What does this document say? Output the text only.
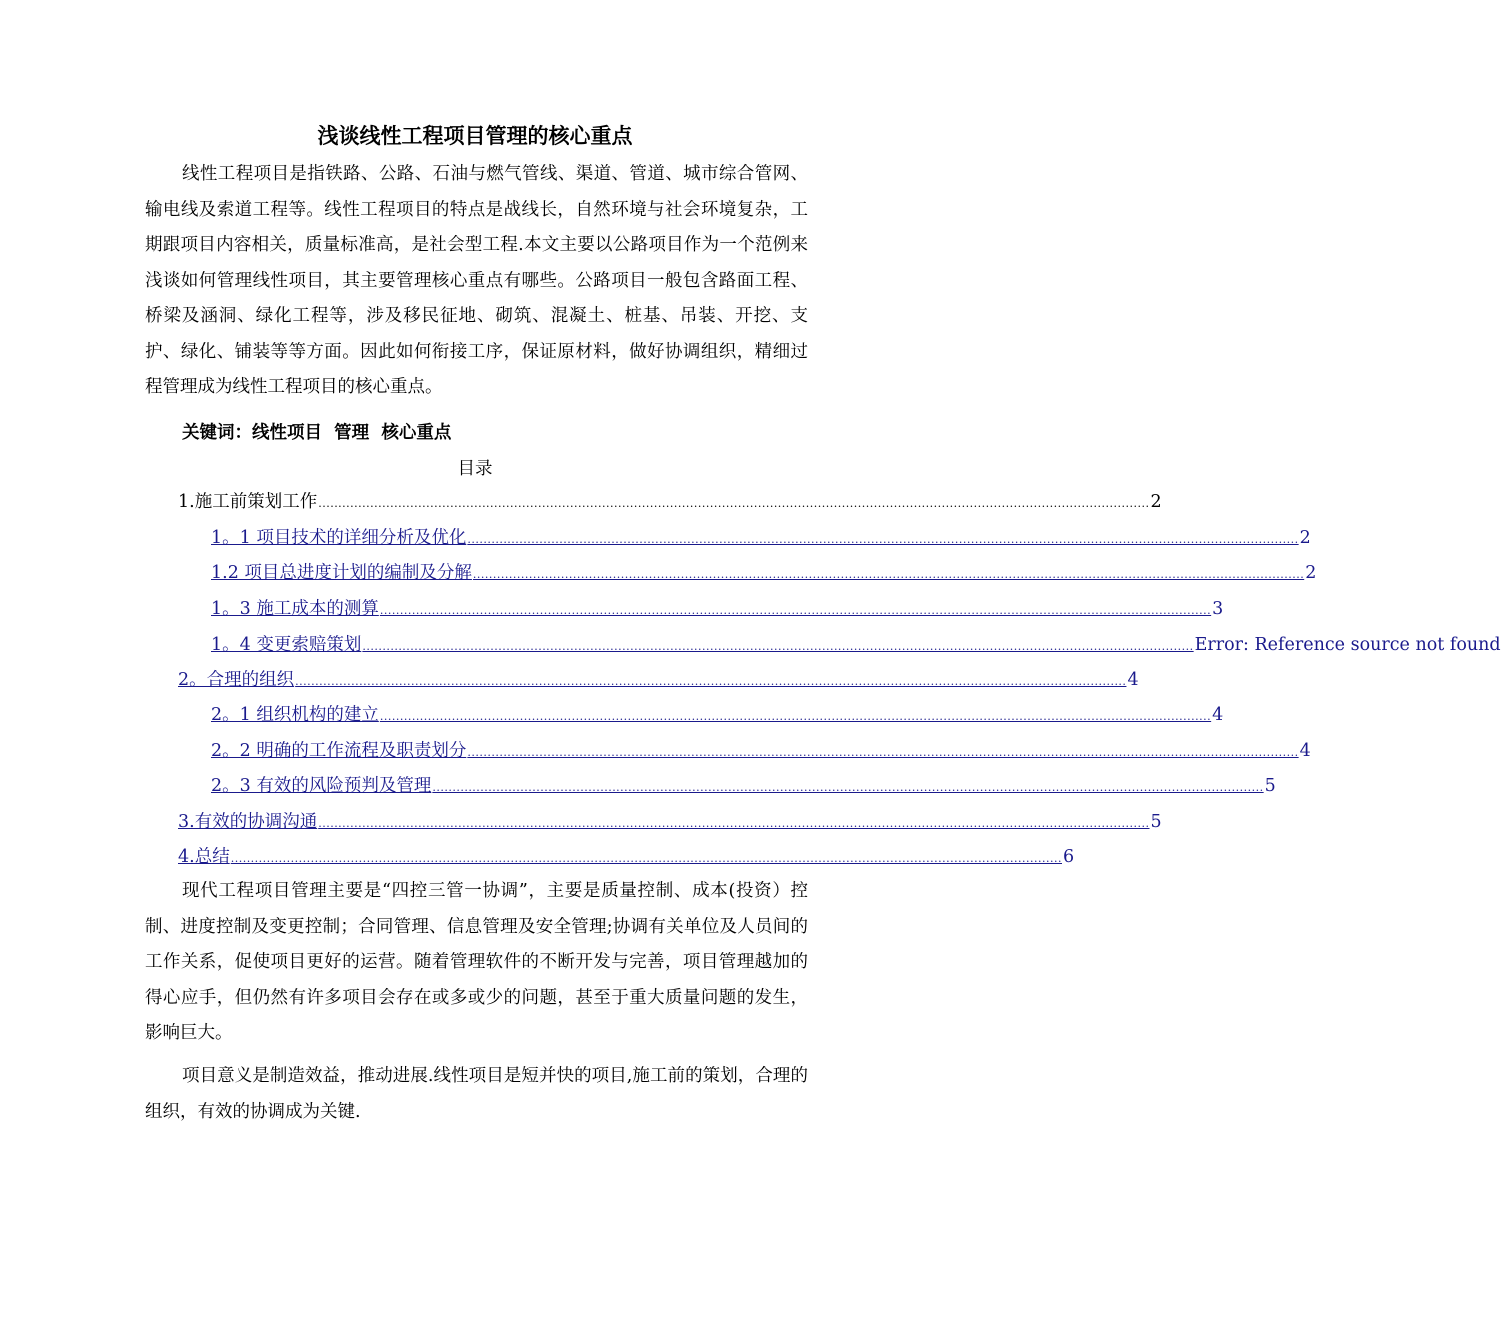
浅谈线性工程项目管理的核心重点
线性工程项目是指铁路、公路、石油与燃气管线、渠道、管道、城市综合管网、输电线及索道工程等。线性工程项目的特点是战线长，自然环境与社会环境复杂，工期跟项目内容相关，质量标准高，是社会型工程.本文主要以公路项目作为一个范例来浅谈如何管理线性项目，其主要管理核心重点有哪些。公路项目一般包含路面工程、桥梁及涵洞、绿化工程等，涉及移民征地、砌筑、混凝土、桩基、吊装、开挖、支护、绿化、铺装等等方面。因此如何衔接工序，保证原材料，做好协调组织，精细过程管理成为线性工程项目的核心重点。
关键词：线性项目  管理  核心重点
目录
1.施工前策划工作 ................................................................................................................................................................................................................ 2
1。1 项目技术的详细分析及优化 ................................................................................................................................................................................................................ 2
1.2 项目总进度计划的编制及分解 ................................................................................................................................................................................................................ 2
1。3 施工成本的测算 ................................................................................................................................................................................................................ 3
1。4 变更索赔策划 ................................................................................................................................................................................................................ Error: Reference source not found
2。合理的组织 ................................................................................................................................................................................................................ 4
2。1 组织机构的建立 ................................................................................................................................................................................................................ 4
2。2 明确的工作流程及职责划分 ................................................................................................................................................................................................................ 4
2。3 有效的风险预判及管理 ................................................................................................................................................................................................................ 5
3.有效的协调沟通 ................................................................................................................................................................................................................ 5
4.总结 ................................................................................................................................................................................................................ 6
现代工程项目管理主要是“四控三管一协调”，主要是质量控制、成本(投资）控制、进度控制及变更控制；合同管理、信息管理及安全管理;协调有关单位及人员间的工作关系，促使项目更好的运营。随着管理软件的不断开发与完善，项目管理越加的得心应手，但仍然有许多项目会存在或多或少的问题，甚至于重大质量问题的发生，影响巨大。
项目意义是制造效益，推动进展.线性项目是短并快的项目,施工前的策划，合理的组织，有效的协调成为关键.
